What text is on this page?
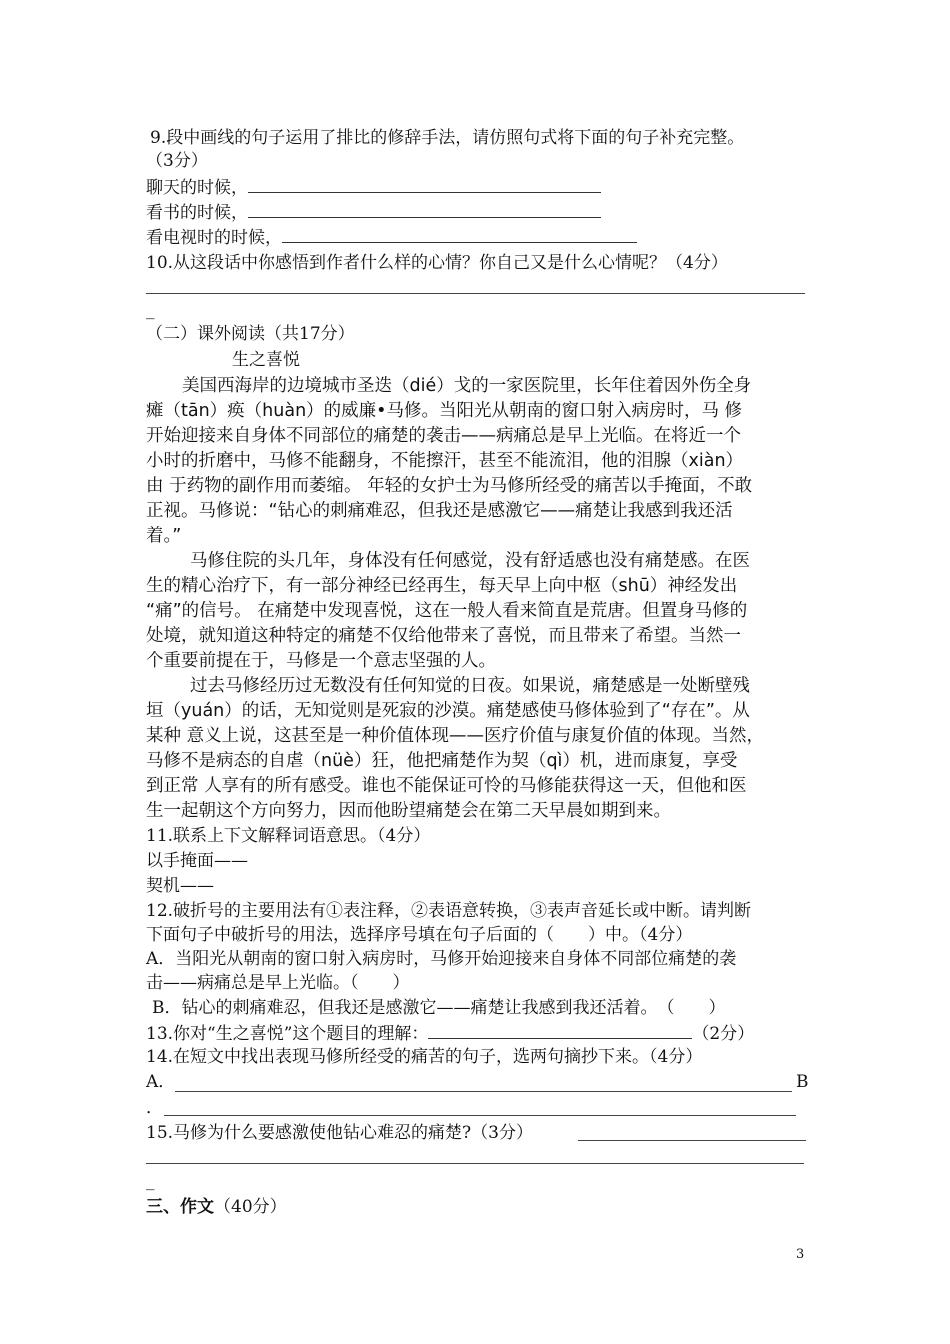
9.段中画线的句子运用了排比的修辞手法，请仿照句式将下面的句子补充完整。
（3分）
聊天的时候，
看书的时候，
看电视时的时候，
10.从这段话中你感悟到作者什么样的心情？你自己又是什么心情呢？（4分）
_
（二）课外阅读（共17分）
生之喜悦
美国西海岸的边境城市圣迭（dié）戈的一家医院里，长年住着因外伤全身
瘫（tān）痪（huàn）的威廉•马修。当阳光从朝南的窗口射入病房时，马 修
开始迎接来自身体不同部位的痛楚的袭击——病痛总是早上光临。在将近一个
小时的折磨中，马修不能翻身，不能擦汗，甚至不能流泪，他的泪腺（xiàn）
由 于药物的副作用而萎缩。 年轻的女护士为马修所经受的痛苦以手掩面，不敢
正视。马修说：“钻心的刺痛难忍，但我还是感激它——痛楚让我感到我还活
着。”
马修住院的头几年，身体没有任何感觉，没有舒适感也没有痛楚感。在医
生的精心治疗下，有一部分神经已经再生，每天早上向中枢（shū）神经发出
“痛”的信号。 在痛楚中发现喜悦，这在一般人看来简直是荒唐。但置身马修的
处境，就知道这种特定的痛楚不仅给他带来了喜悦，而且带来了希望。当然一
个重要前提在于，马修是一个意志坚强的人。
过去马修经历过无数没有任何知觉的日夜。如果说，痛楚感是一处断壁残
垣（yuán）的话，无知觉则是死寂的沙漠。痛楚感使马修体验到了“存在”。从
某种 意义上说，这甚至是一种价值体现——医疗价值与康复价值的体现。当然，
马修不是病态的自虐（nüè）狂，他把痛楚作为契（qì）机，进而康复，享受
到正常 人享有的所有感受。谁也不能保证可怜的马修能获得这一天，但他和医
生一起朝这个方向努力，因而他盼望痛楚会在第二天早晨如期到来。
11.联系上下文解释词语意思。（4分）
以手掩面——
契机——
12.破折号的主要用法有①表注释，②表语意转换，③表声音延长或中断。请判断
下面句子中破折号的用法，选择序号填在句子后面的（　　）中。（4分）
A．当阳光从朝南的窗口射入病房时，马修开始迎接来自身体不同部位痛楚的袭
击——病痛总是早上光临。（　　）
B．钻心的刺痛难忍，但我还是感激它——痛楚让我感到我还活着。　（　　）
13.你对“生之喜悦”这个题目的理解：	（2分）
14.在短文中找出表现马修所经受的痛苦的句子，选两句摘抄下来。（4分）
A．	B
．
15.马修为什么要感激使他钻心难忍的痛楚?（3分）
_
三、作文（40分）
3
